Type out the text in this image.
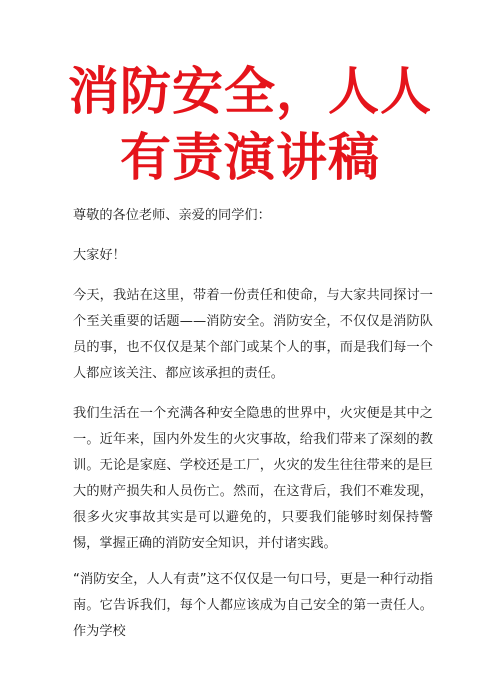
消防安全，人人
有责演讲稿

尊敬的各位老师、亲爱的同学们：

大家好！

今天，我站在这里，带着一份责任和使命，与大家共同探讨一个至关重要的话题——消防安全。消防安全，不仅仅是消防队员的事，也不仅仅是某个部门或某个人的事，而是我们每一个人都应该关注、都应该承担的责任。

我们生活在一个充满各种安全隐患的世界中，火灾便是其中之一。近年来，国内外发生的火灾事故，给我们带来了深刻的教训。无论是家庭、学校还是工厂，火灾的发生往往带来的是巨大的财产损失和人员伤亡。然而，在这背后，我们不难发现，很多火灾事故其实是可以避免的，只要我们能够时刻保持警惕，掌握正确的消防安全知识，并付诸实践。

“消防安全，人人有责”这不仅仅是一句口号，更是一种行动指南。它告诉我们，每个人都应该成为自己安全的第一责任人。作为学校
